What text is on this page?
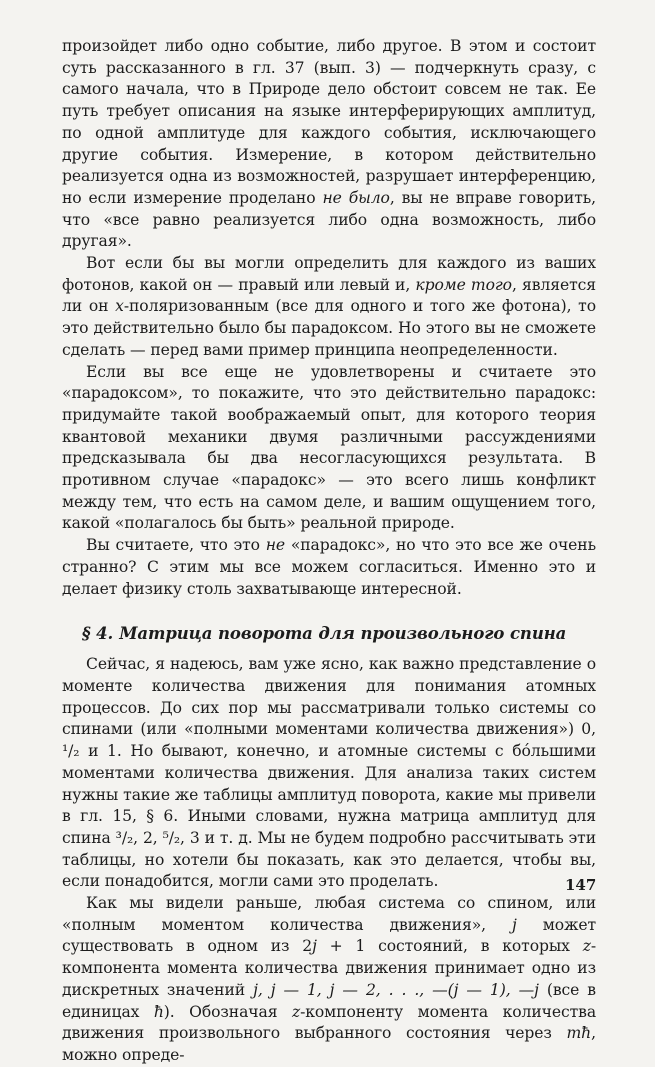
произойдет либо одно событие, либо другое. В этом и состоит суть рассказанного в гл. 37 (вып. 3) — подчеркнуть сразу, с самого начала, что в Природе дело обстоит совсем не так. Ее путь требует описания на языке интерферирующих амплитуд, по одной амплитуде для каждого события, исключающего другие события. Измерение, в котором действительно реализуется одна из возможностей, разрушает интерференцию, но если измерение проделано не было, вы не вправе говорить, что «все равно реализуется либо одна возможность, либо другая».

Вот если бы вы могли определить для каждого из ваших фотонов, какой он — правый или левый и, кроме того, является ли он x-поляризованным (все для одного и того же фотона), то это действительно было бы парадоксом. Но этого вы не сможете сделать — перед вами пример принципа неопределенности.

Если вы все еще не удовлетворены и считаете это «парадоксом», то покажите, что это действительно парадокс: придумайте такой воображаемый опыт, для которого теория квантовой механики двумя различными рассуждениями предсказывала бы два несогласующихся результата. В противном случае «парадокс» — это всего лишь конфликт между тем, что есть на самом деле, и вашим ощущением того, какой «полагалось бы быть» реальной природе.

Вы считаете, что это не «парадокс», но что это все же очень странно? С этим мы все можем согласиться. Именно это и делает физику столь захватывающе интересной.

§ 4. Матрица поворота для произвольного спина

Сейчас, я надеюсь, вам уже ясно, как важно представление о моменте количества движения для понимания атомных процессов. До сих пор мы рассматривали только системы со спинами (или «полными моментами количества движения») 0, ¹/₂ и 1. Но бывают, конечно, и атомные системы с бóльшими моментами количества движения. Для анализа таких систем нужны такие же таблицы амплитуд поворота, какие мы привели в гл. 15, § 6. Иными словами, нужна матрица амплитуд для спина ³/₂, 2, ⁵/₂, 3 и т. д. Мы не будем подробно рассчитывать эти таблицы, но хотели бы показать, как это делается, чтобы вы, если понадобится, могли сами это проделать.

Как мы видели раньше, любая система со спином, или «полным моментом количества движения», j может существовать в одном из 2j + 1 состояний, в которых z-компонента момента количества движения принимает одно из дискретных значений j, j — 1, j — 2, . . ., —(j — 1), —j (все в единицах ħ). Обозначая z-компоненту момента количества движения произвольного выбранного состояния через mħ, можно опреде-

147
